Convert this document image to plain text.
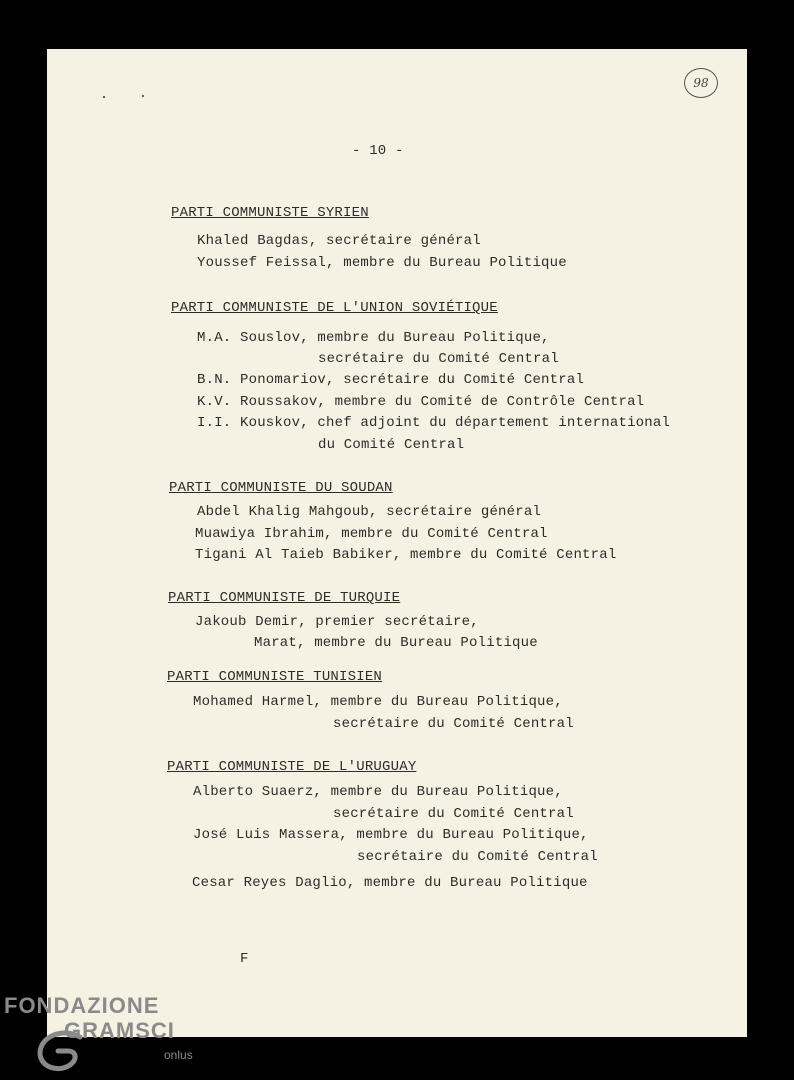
98
- 10 -
PARTI COMMUNISTE SYRIEN
Khaled Bagdas, secrétaire général
Youssef Feissal, membre du Bureau Politique
PARTI COMMUNISTE DE L'UNION SOVIÉTIQUE
M.A. Souslov, membre du Bureau Politique,
secrétaire du Comité Central
B.N. Ponomariov, secrétaire du Comité Central
K.V. Roussakov, membre du Comité de Contrôle Central
I.I. Kouskov, chef adjoint du département international
du Comité Central
PARTI COMMUNISTE DU SOUDAN
Abdel Khalig Mahgoub, secrétaire général
Muawiya Ibrahim, membre du Comité Central
Tigani Al Taieb Babiker, membre du Comité Central
PARTI COMMUNISTE DE TURQUIE
Jakoub Demir, premier secrétaire,
Marat, membre du Bureau Politique
PARTI COMMUNISTE TUNISIEN
Mohamed Harmel, membre du Bureau Politique,
secrétaire du Comité Central
PARTI COMMUNISTE DE L'URUGUAY
Alberto Suaerz, membre du Bureau Politique,
secrétaire du Comité Central
José Luis Massera, membre du Bureau Politique,
secrétaire du Comité Central
Cesar Reyes Daglio, membre du Bureau Politique
F
FONDAZIONE
GRAMSCI
onlus
